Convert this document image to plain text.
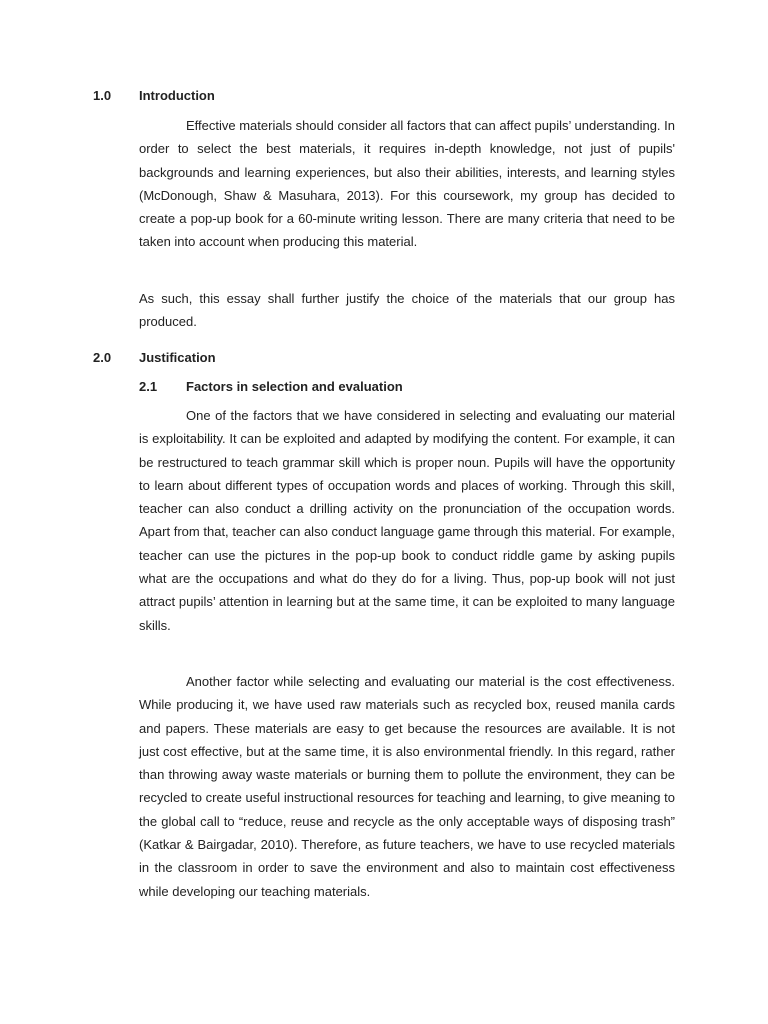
1.0 Introduction

Effective materials should consider all factors that can affect pupils’ understanding. In order to select the best materials, it requires in-depth knowledge, not just of pupils' backgrounds and learning experiences, but also their abilities, interests, and learning styles (McDonough, Shaw & Masuhara, 2013). For this coursework, my group has decided to create a pop-up book for a 60-minute writing lesson. There are many criteria that need to be taken into account when producing this material.

As such, this essay shall further justify the choice of the materials that our group has produced.

2.0 Justification
2.1 Factors in selection and evaluation

One of the factors that we have considered in selecting and evaluating our material is exploitability. It can be exploited and adapted by modifying the content. For example, it can be restructured to teach grammar skill which is proper noun. Pupils will have the opportunity to learn about different types of occupation words and places of working. Through this skill, teacher can also conduct a drilling activity on the pronunciation of the occupation words. Apart from that, teacher can also conduct language game through this material. For example, teacher can use the pictures in the pop-up book to conduct riddle game by asking pupils what are the occupations and what do they do for a living. Thus, pop-up book will not just attract pupils’ attention in learning but at the same time, it can be exploited to many language skills.

Another factor while selecting and evaluating our material is the cost effectiveness. While producing it, we have used raw materials such as recycled box, reused manila cards and papers. These materials are easy to get because the resources are available. It is not just cost effective, but at the same time, it is also environmental friendly. In this regard, rather than throwing away waste materials or burning them to pollute the environment, they can be recycled to create useful instructional resources for teaching and learning, to give meaning to the global call to “reduce, reuse and recycle as the only acceptable ways of disposing trash” (Katkar & Bairgadar, 2010). Therefore, as future teachers, we have to use recycled materials in the classroom in order to save the environment and also to maintain cost effectiveness while developing our teaching materials.
